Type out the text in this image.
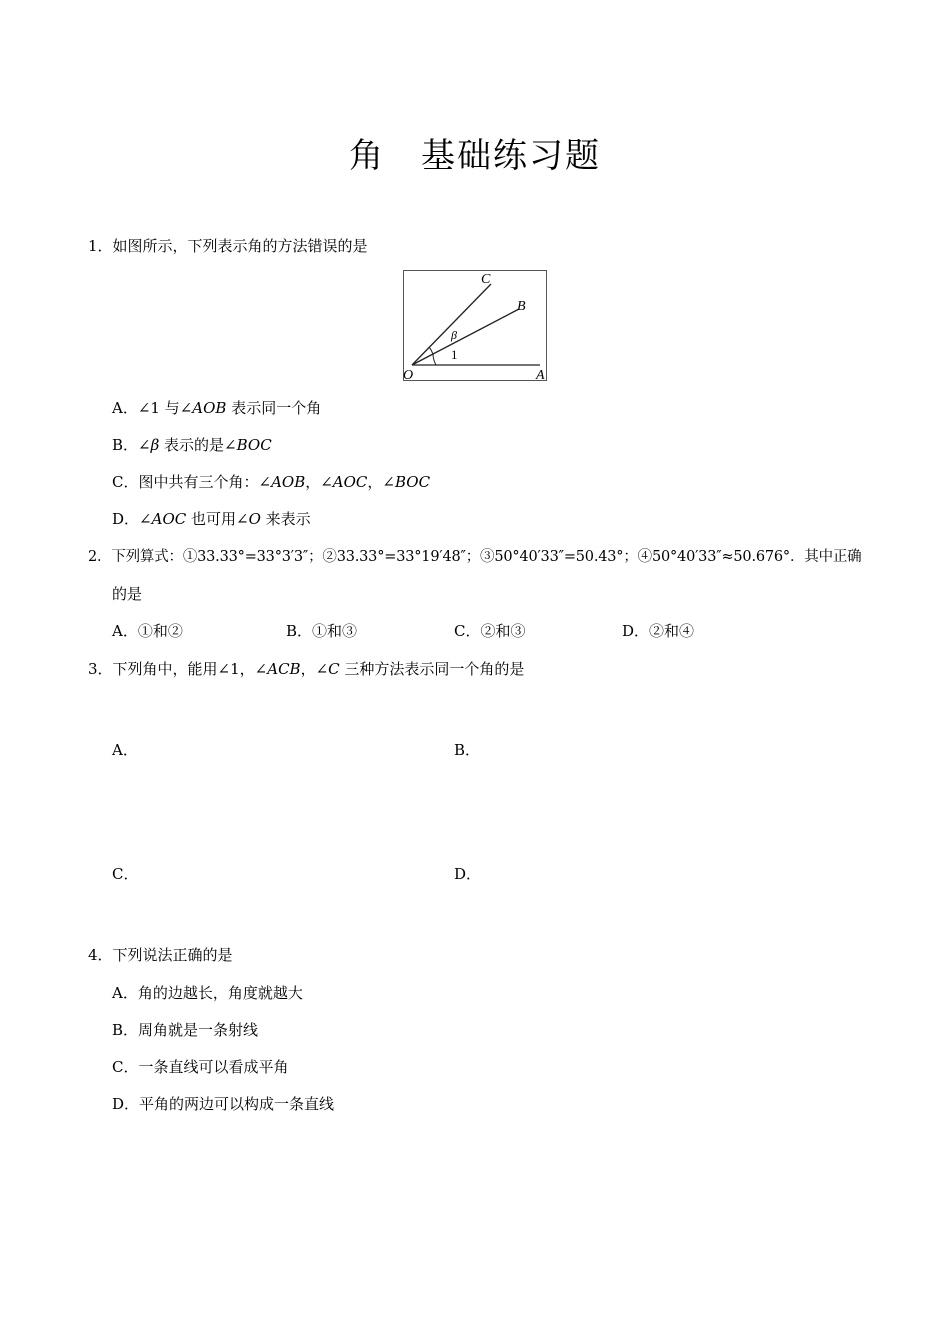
角　基础练习题
1．如图所示，下列表示角的方法错误的是
C
B
β
1
O	A
A．∠1 与∠AOB 表示同一个角
B．∠β 表示的是∠BOC
C．图中共有三个角：∠AOB，∠AOC，∠BOC
D．∠AOC 也可用∠O 来表示
2．下列算式：①33.33°=33°3′3″；②33.33°=33°19′48″；③50°40′33″=50.43°；④50°40′33″≈50.676°．其中正确
的是
A．①和②	B．①和③	C．②和③	D．②和④
3．下列角中，能用∠1，∠ACB，∠C 三种方法表示同一个角的是
A．	B．
C．	D．
4．下列说法正确的是
A．角的边越长，角度就越大
B．周角就是一条射线
C．一条直线可以看成平角
D．平角的两边可以构成一条直线
